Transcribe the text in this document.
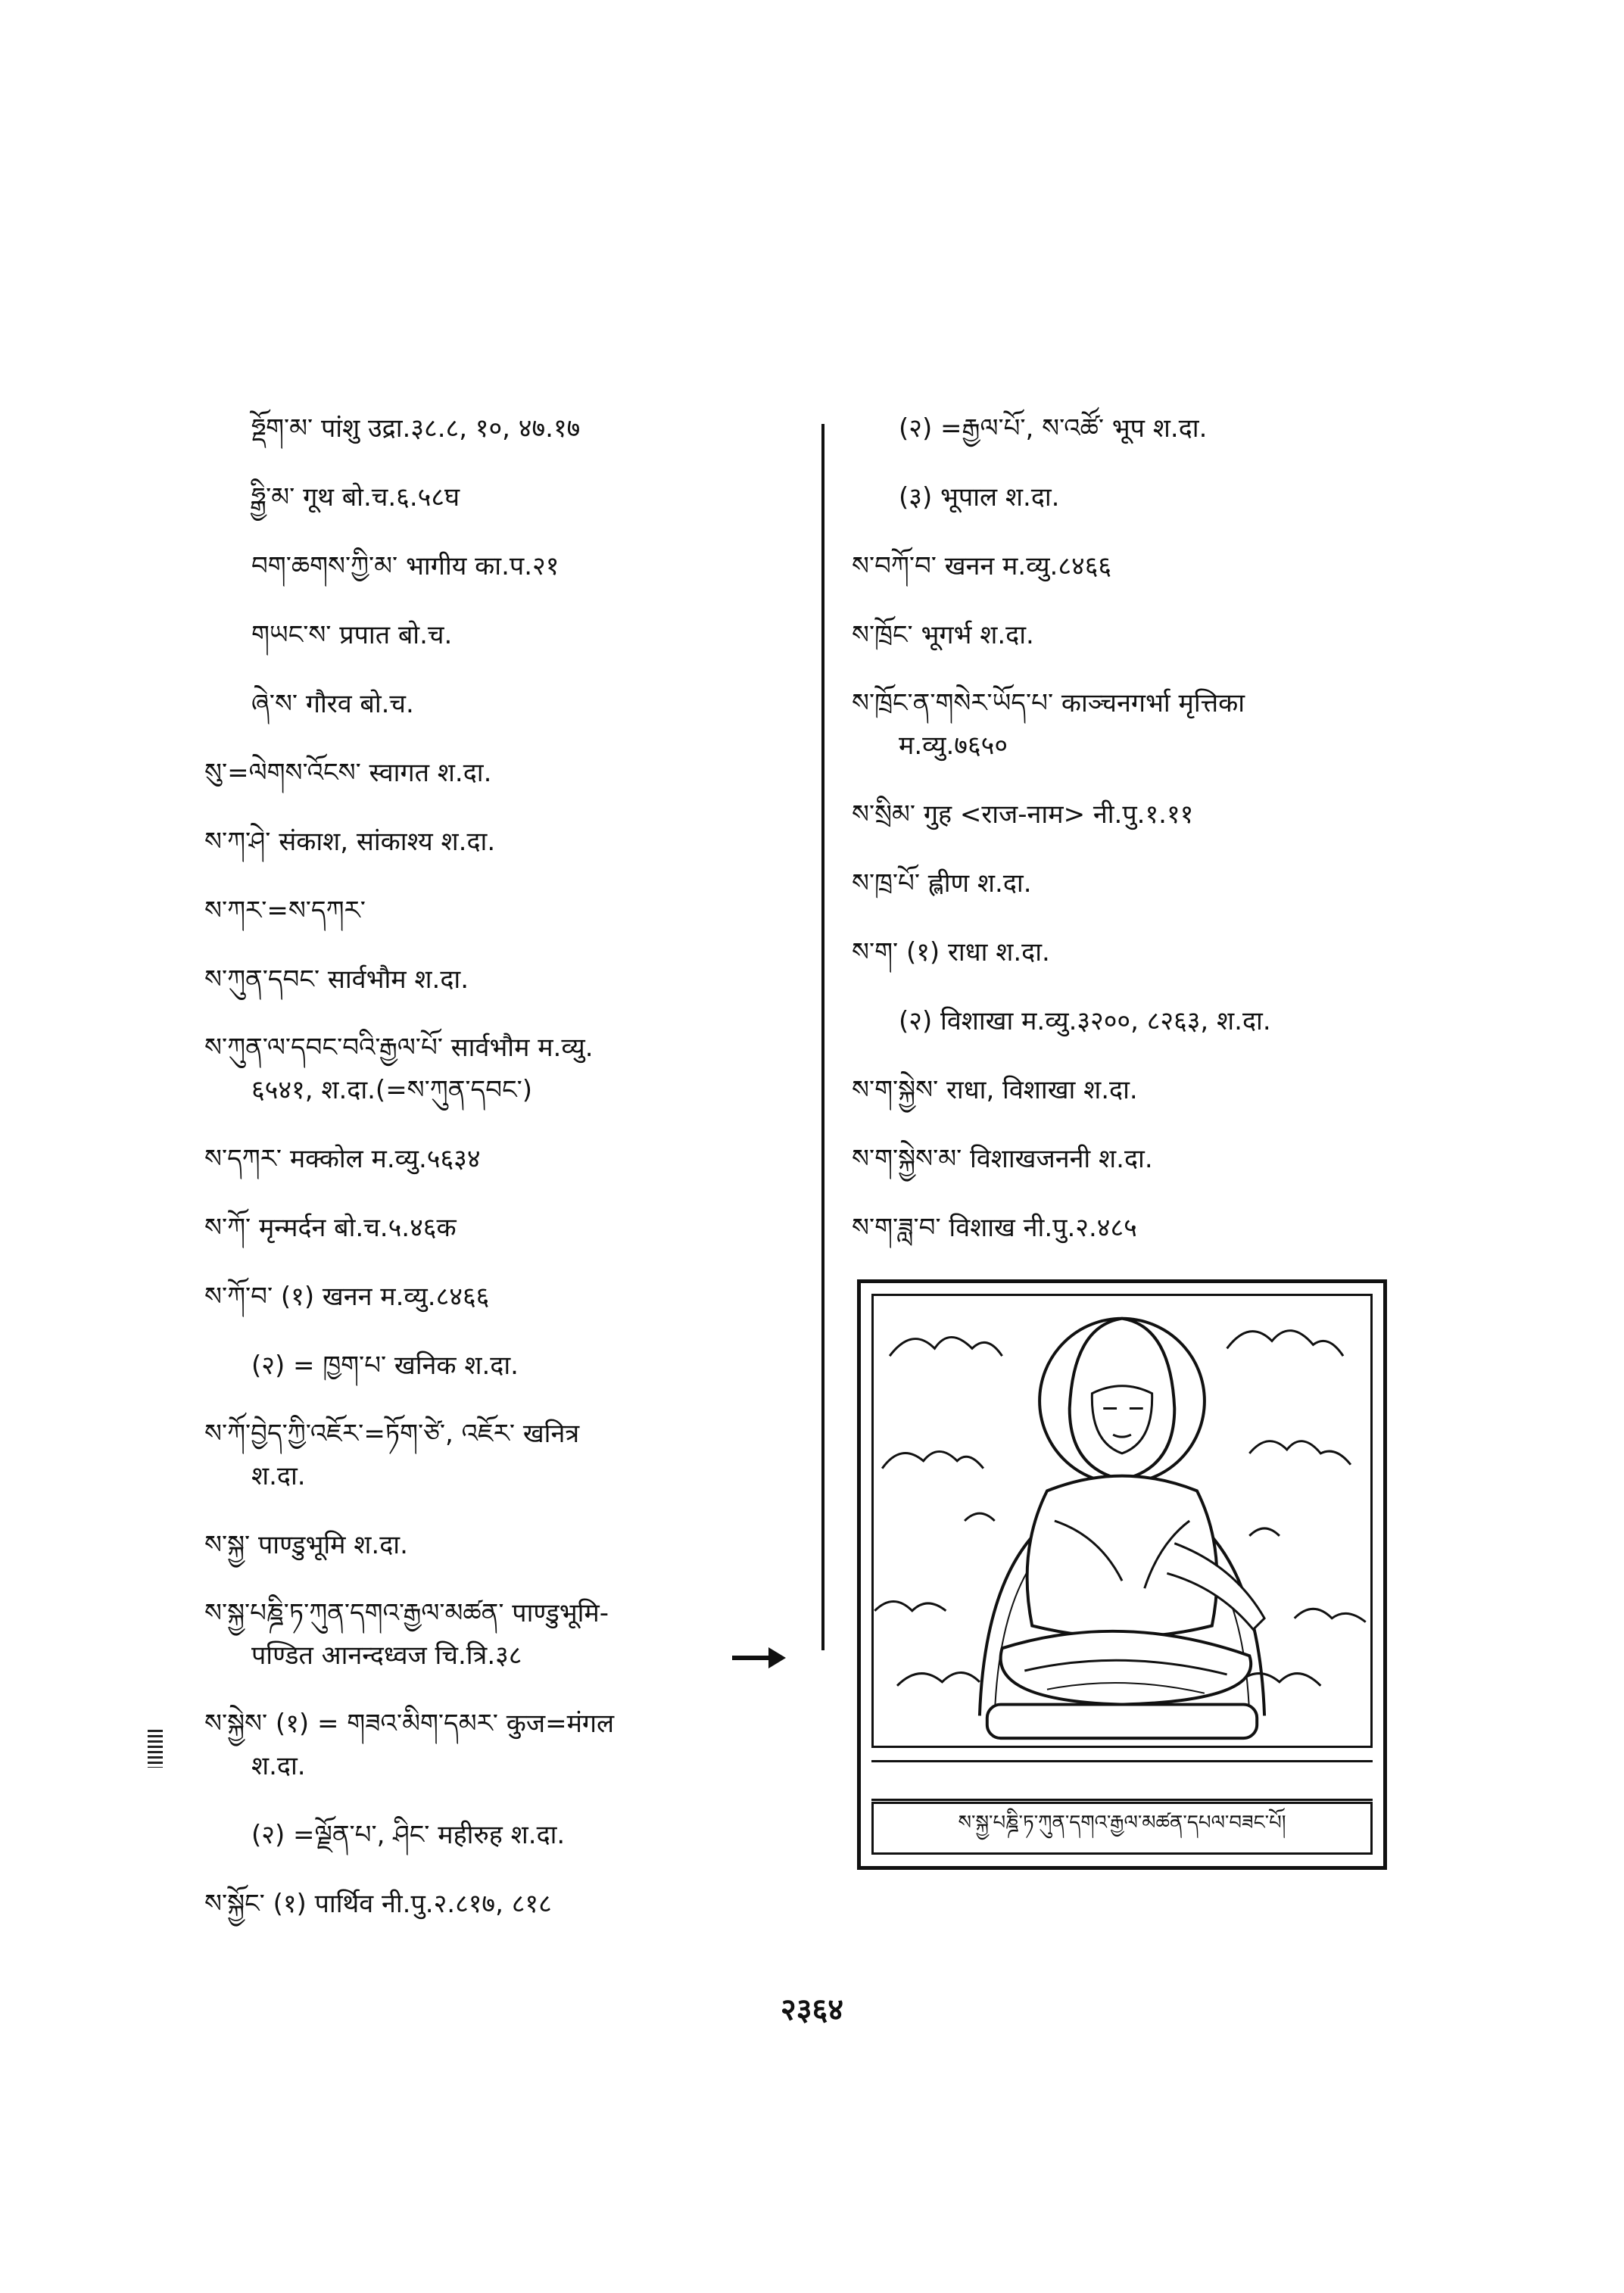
ཧྡོག་མ་ पांशु उद्रा.३८.८, १०, ४७.१७
ཧྒྱི་མ་ गूथ बो.च.६.५८घ
བག་ཆགས་ཀྱི་མ་ भागीय का.प.२१
གཡང་ས་ प्रपात बो.च.
ཞེ་ས་ गौरव बो.च.
སུ་=ལེགས་འོངས་ स्वागत श.दा.
ས་ཀ་ཤེ་ संकाश, सांकाश्य श.दा.
ས་ཀར་=ས་དཀར་
ས་ཀུན་དབང་ सार्वभौम श.दा.
ས་ཀུན་ལ་དབང་བའི་རྒྱལ་པོ་ सार्वभौम म.व्यु.
६५४१, श.दा.(=ས་ཀུན་དབང་)
ས་དཀར་ मक्कोल म.व्यु.५६३४
ས་ཀོ་ मृन्मर्दन बो.च.५.४६क
ས་ཀོ་བ་ (१) खनन म.व्यु.८४६६
(२) = ཁྱག་པ་ खनिक श.दा.
ས་ཀོ་བྱེད་ཀྱི་འཇོར་=ཏོག་ཙེ་, འཇོར་ खनित्र
श.दा.
ས་སྐྱ་ पाण्डुभूमि श.दा.
ས་སྐྱ་པཎྜི་ཏ་ཀུན་དགའ་རྒྱལ་མཚན་ पाण्डुभूमि-
पण्डित आनन्दध्वज चि.त्रि.३८
ས་སྐྱེས་ (१) = གཟའ་མིག་དམར་ कुज=मंगल
श.दा.
(२) =ལྗོན་པ་, ཤིང་ महीरुह श.दा.
ས་སྐྱོང་ (१) पार्थिव नी.पु.२.८१७, ८१८
(२) =རྒྱལ་པོ་, ས་འཚོ་ भूप श.दा.
(३) भूपाल श.दा.
ས་བཀོ་བ་ खनन म.व्यु.८४६६
ས་ཁྲོང་ भूगर्भ श.दा.
ས་ཁྲོང་ན་གསེར་ཡོད་པ་ काञ्चनगर्भा मृत्तिका
म.व्यु.७६५०
ས་སྲིམ་ गुह <राज-नाम> नी.पु.१.११
ས་ཁྲ་པོ་ ह्लीण श.दा.
ས་ག་ (१) राधा श.दा.
(२) विशाखा म.व्यु.३२००, ८२६३, श.दा.
ས་ག་སྐྱེས་ राधा, विशाखा श.दा.
ས་ག་སྐྱེས་མ་ विशाखजननी श.दा.
ས་ག་ཟླ་བ་ विशाख नी.पु.२.४८५
ས་སྐྱ་པཎྜི་ཏ་ཀུན་དགའ་རྒྱལ་མཚན་དཔལ་བཟང་པོ།
२३६४
